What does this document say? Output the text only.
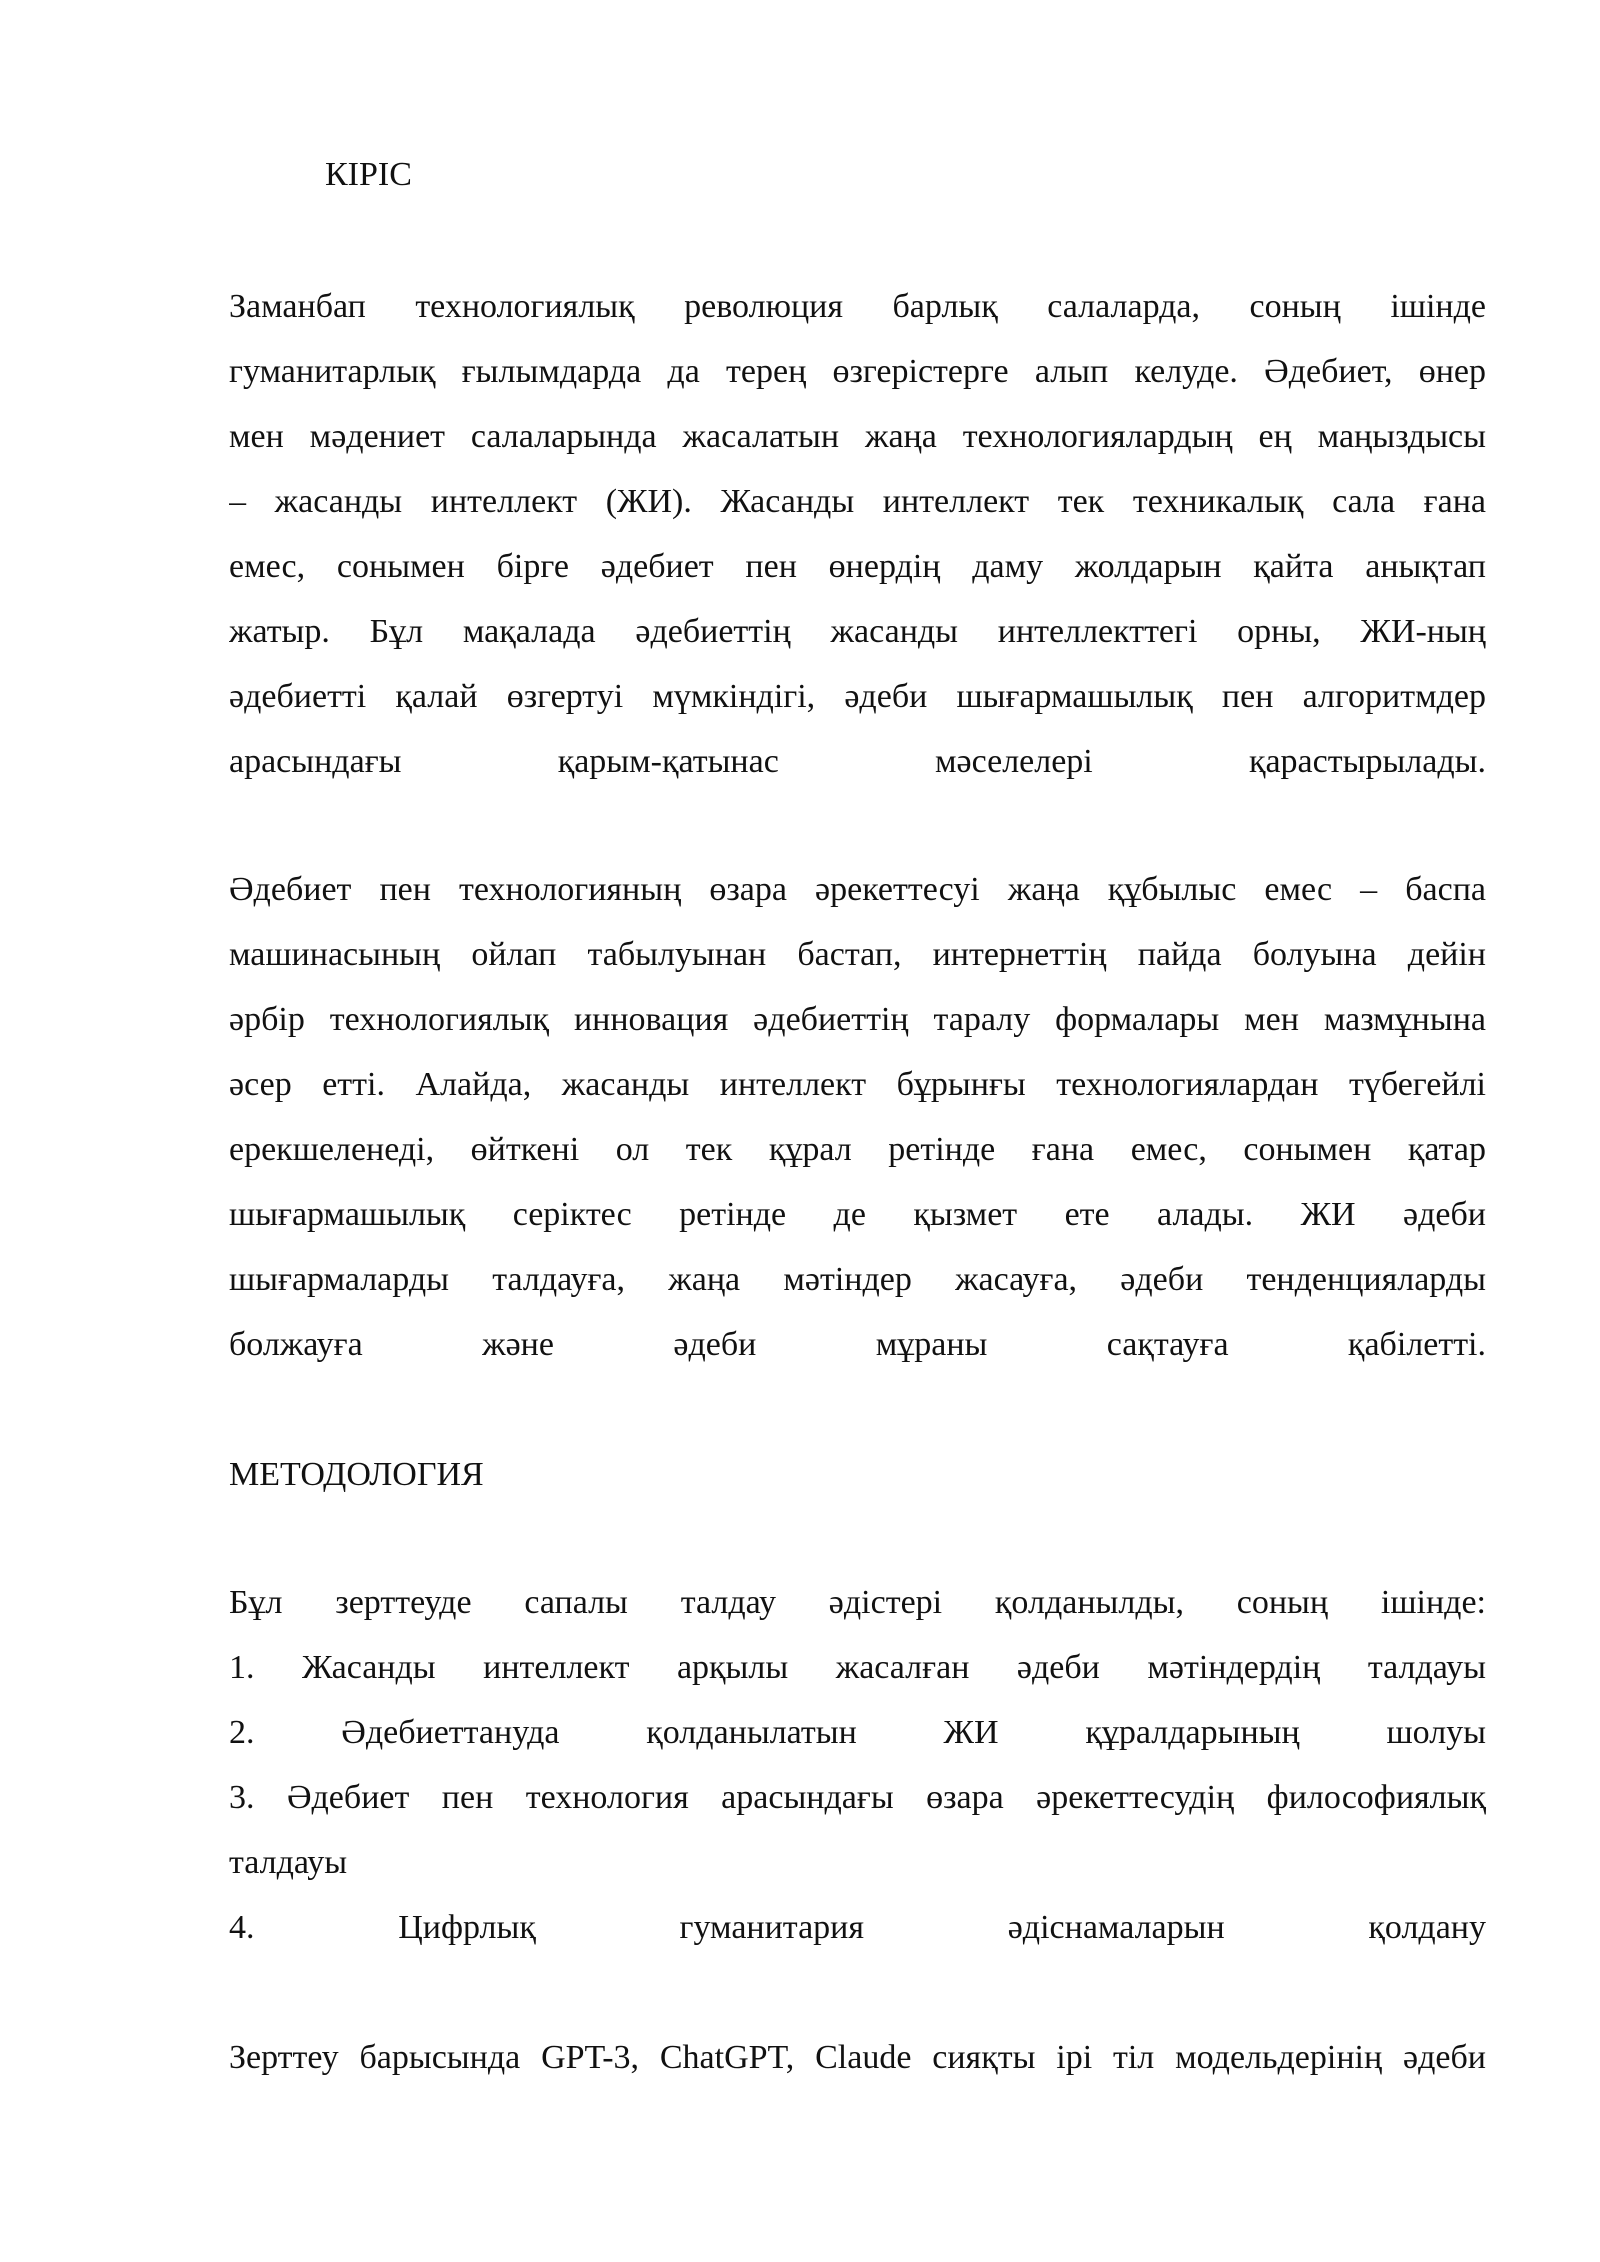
КІРІС

Заманбап технологиялық революция барлық салаларда, соның ішінде
гуманитарлық ғылымдарда да терең өзгерістерге алып келуде. Әдебиет, өнер
мен мәдениет салаларында жасалатын жаңа технологиялардың ең маңыздысы
– жасанды интеллект (ЖИ). Жасанды интеллект тек техникалық сала ғана
емес, сонымен бірге әдебиет пен өнердің даму жолдарын қайта анықтап
жатыр. Бұл мақалада әдебиеттің жасанды интеллекттегі орны, ЖИ-ның
әдебиетті қалай өзгертуі мүмкіндігі, әдеби шығармашылық пен алгоритмдер
арасындағы қарым-қатынас мәселелері қарастырылады.

Әдебиет пен технологияның өзара әрекеттесуі жаңа құбылыс емес – баспа
машинасының ойлап табылуынан бастап, интернеттің пайда болуына дейін
әрбір технологиялық инновация әдебиеттің таралу формалары мен мазмұнына
әсер етті. Алайда, жасанды интеллект бұрынғы технологиялардан түбегейлі
ерекшеленеді, өйткені ол тек құрал ретінде ғана емес, сонымен қатар
шығармашылық серіктес ретінде де қызмет ете алады. ЖИ әдеби
шығармаларды талдауға, жаңа мәтіндер жасауға, әдеби тенденцияларды
болжауға және әдеби мұраны сақтауға қабілетті.

МЕТОДОЛОГИЯ

Бұл зерттеуде сапалы талдау әдістері қолданылды, соның ішінде:
1. Жасанды интеллект арқылы жасалған әдеби мәтіндердің талдауы
2. Әдебиеттануда қолданылатын ЖИ құралдарының шолуы
3. Әдебиет пен технология арасындағы өзара әрекеттесудің философиялық
талдауы
4. Цифрлық гуманитария әдіснамаларын қолдану

Зерттеу барысында GPT-3, ChatGPT, Claude сияқты ірі тіл модельдерінің әдеби
